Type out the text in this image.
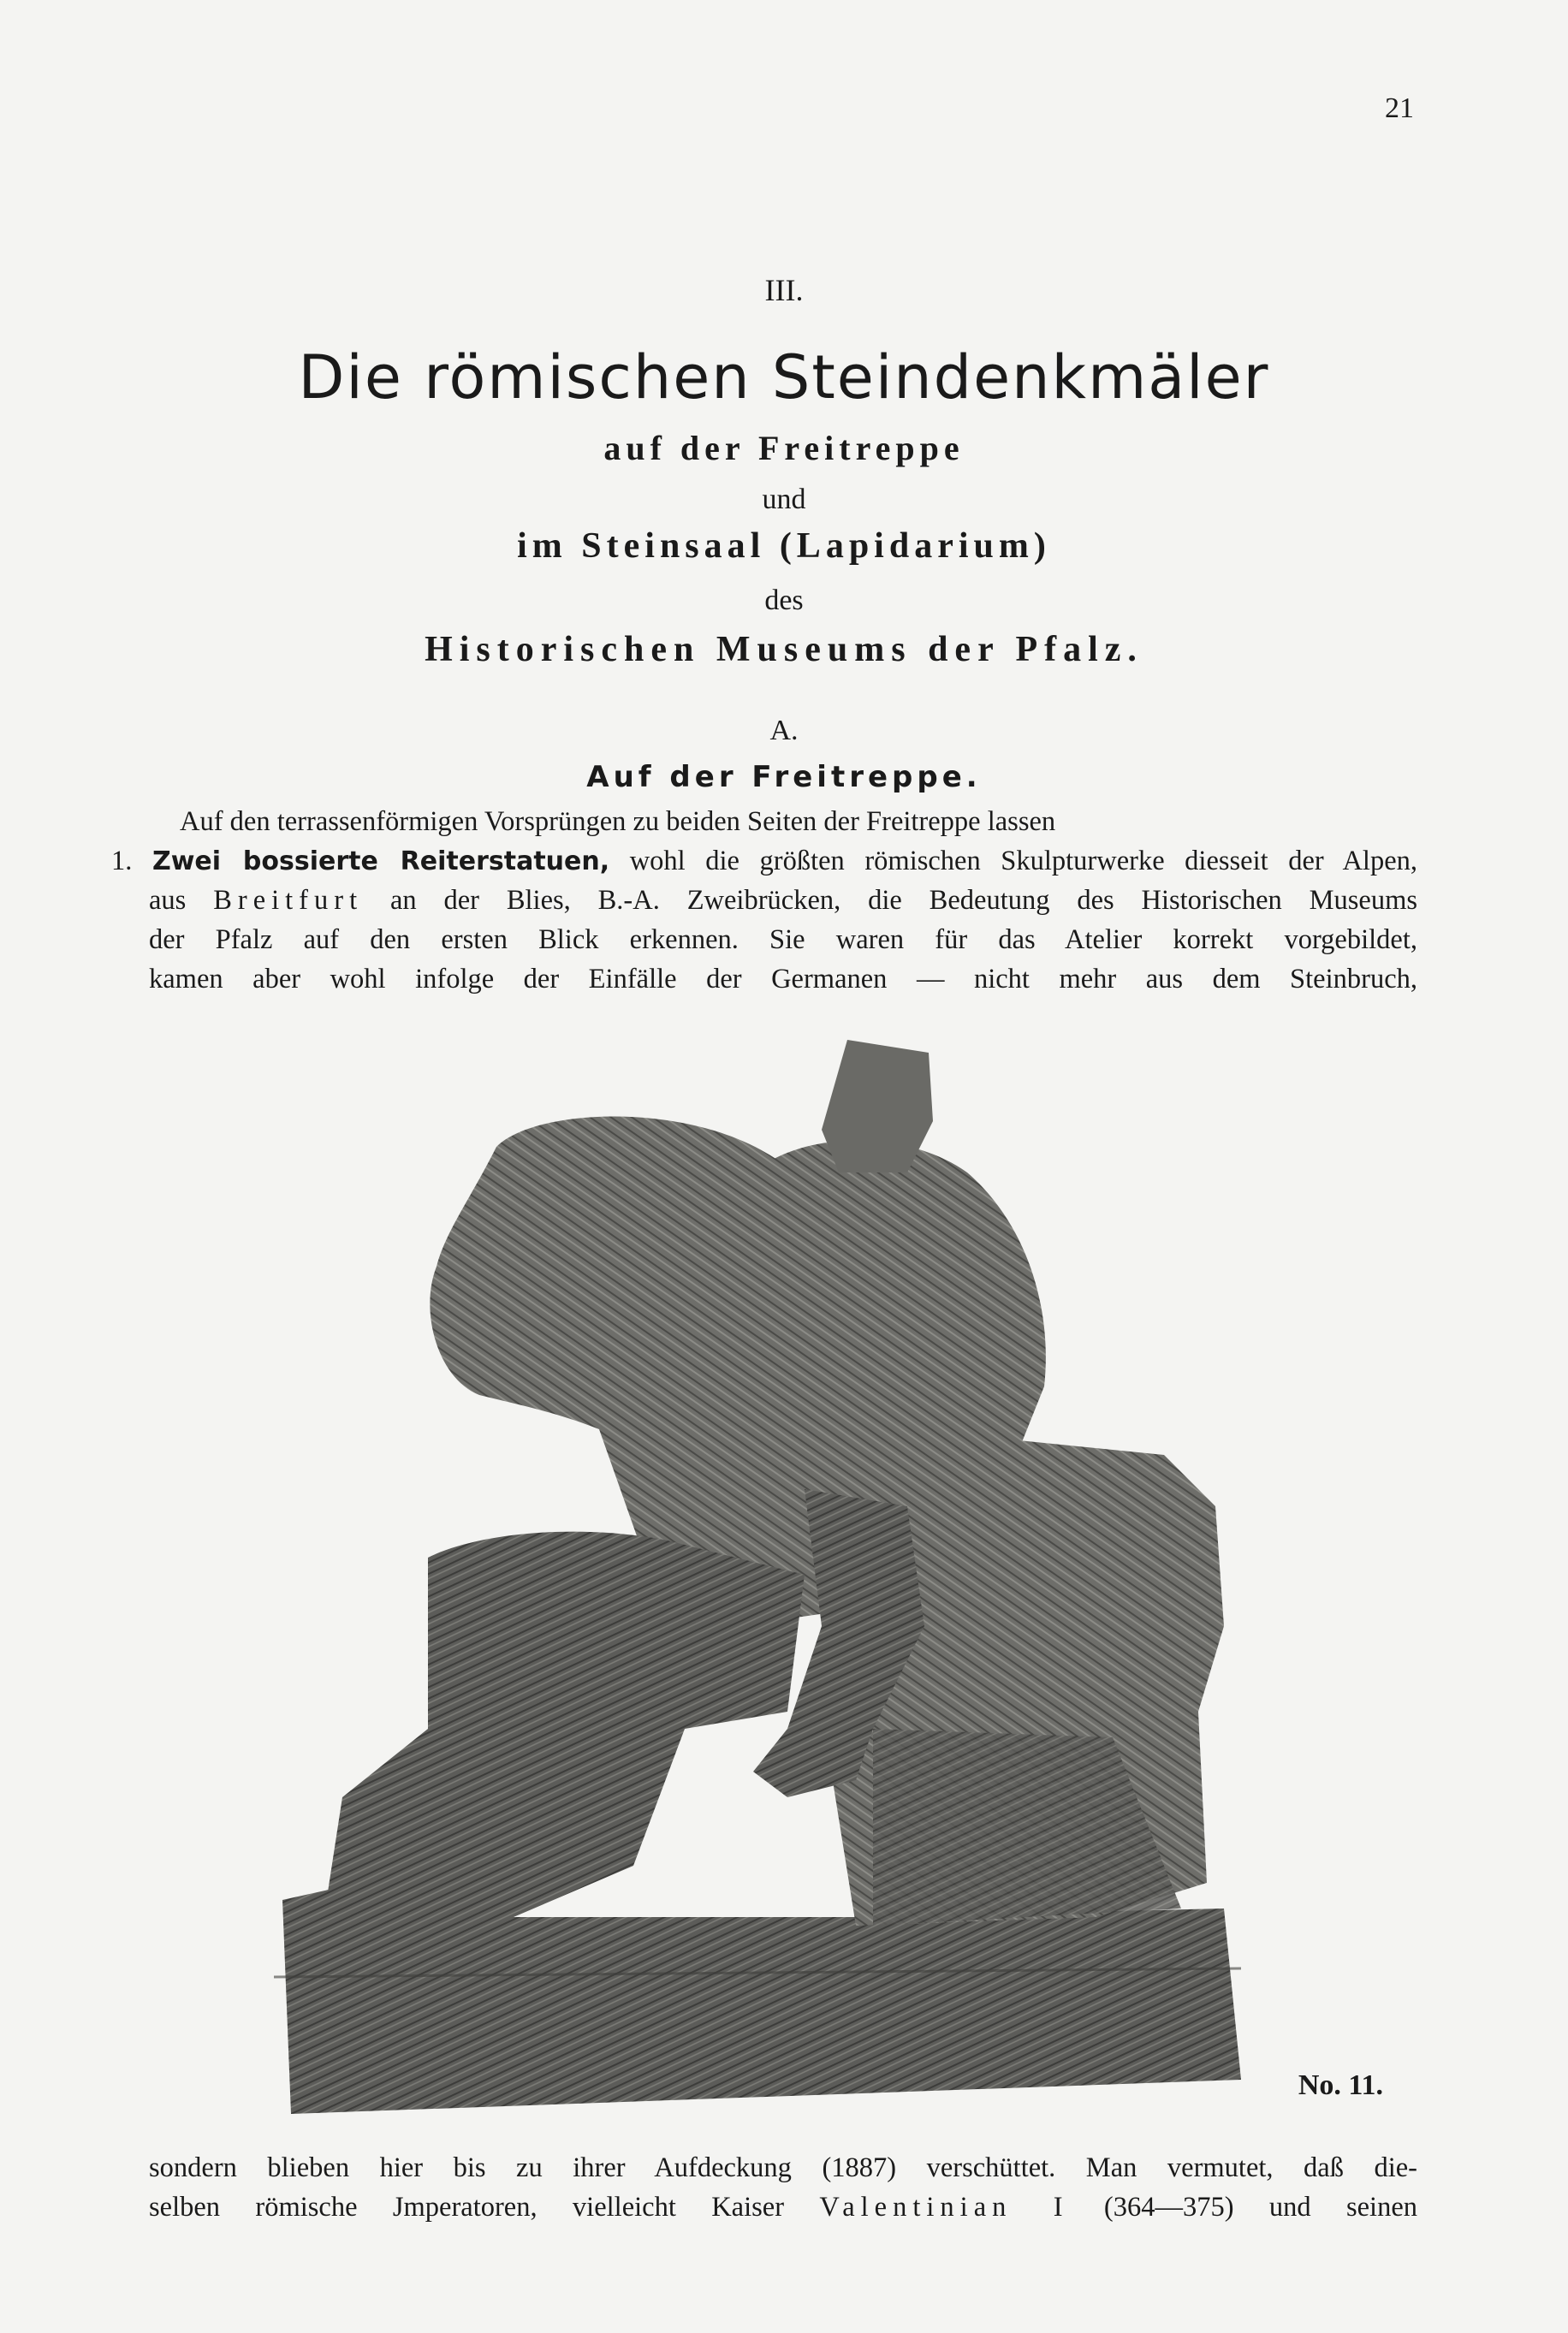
21
III.
Die römischen Steindenkmäler
auf der Freitreppe
und
im Steinsaal (Lapidarium)
des
Historischen Museums der Pfalz.
A.
Auf der Freitreppe.
Auf den terrassenförmigen Vorsprüngen zu beiden Seiten der Freitreppe lassen
1. Zwei bossierte Reiterstatuen, wohl die größten römischen Skulpturwerke diesseit der Alpen,
aus Breitfurt an der Blies, B.-A. Zweibrücken, die Bedeutung des Historischen Museums
der Pfalz auf den ersten Blick erkennen. Sie waren für das Atelier korrekt vorgebildet,
kamen aber wohl infolge der Einfälle der Germanen — nicht mehr aus dem Steinbruch,
No. 11.
sondern blieben hier bis zu ihrer Aufdeckung (1887) verschüttet. Man vermutet, daß die-
selben römische Jmperatoren, vielleicht Kaiser Valentinian I (364—375) und seinen
